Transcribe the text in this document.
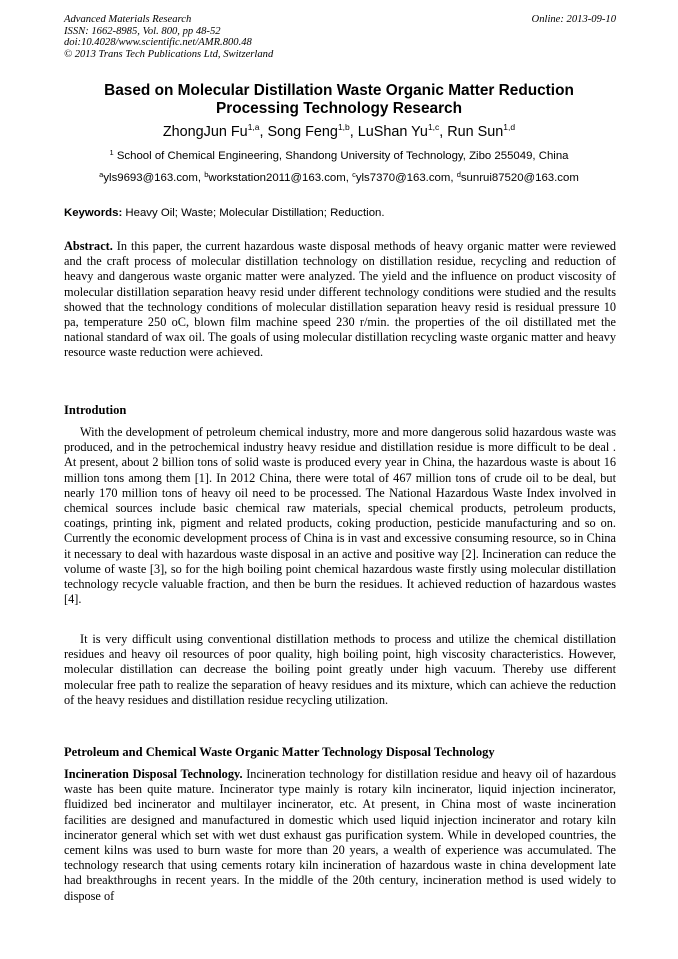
Advanced Materials Research
ISSN: 1662-8985, Vol. 800, pp 48-52
doi:10.4028/www.scientific.net/AMR.800.48
© 2013 Trans Tech Publications Ltd, Switzerland
Online: 2013-09-10
Based on Molecular Distillation Waste Organic Matter Reduction
Processing Technology Research
ZhongJun Fu$^{1,a}$, Song Feng$^{1,b}$, LuShan Yu$^{1,c}$, Run Sun$^{1,d}$
$^1$ School of Chemical Engineering, Shandong University of Technology, Zibo 255049, China
$^a$yls9693@163.com, $^b$workstation2011@163.com, $^c$yls7370@163.com, $^d$sunrui87520@163.com
Keywords: Heavy Oil; Waste; Molecular Distillation; Reduction.
Abstract. In this paper, the current hazardous waste disposal methods of heavy organic matter were reviewed and the craft process of molecular distillation technology on distillation residue, recycling and reduction of heavy and dangerous waste organic matter were analyzed. The yield and the influence on product viscosity of molecular distillation separation heavy resid under different technology conditions were studied and the results showed that the technology conditions of molecular distillation separation heavy resid is residual pressure 10 pa, temperature 250 oC, blown film machine speed 230 r/min. the properties of the oil distillated met the national standard of wax oil. The goals of using molecular distillation recycling waste organic matter and heavy resource waste reduction were achieved.
Introdution
With the development of petroleum chemical industry, more and more dangerous solid hazardous waste was produced, and in the petrochemical industry heavy residue and distillation residue is more difficult to be deal . At present, about 2 billion tons of solid waste is produced every year in China, the hazardous waste is about 16 million tons among them [1]. In 2012 China, there were total of 467 million tons of crude oil to be deal, but nearly 170 million tons of heavy oil need to be processed. The National Hazardous Waste Index involved in chemical sources include basic chemical raw materials, special chemical products, petroleum products, coatings, printing ink, pigment and related products, coking production, pesticide manufacturing and so on. Currently the economic development process of China is in vast and excessive consuming resource, so in China it necessary to deal with hazardous waste disposal in an active and positive way [2]. Incineration can reduce the volume of waste [3], so for the high boiling point chemical hazardous waste firstly using molecular distillation technology recycle valuable fraction, and then be burn the residues. It achieved reduction of hazardous wastes [4].
It is very difficult using conventional distillation methods to process and utilize the chemical distillation residues and heavy oil resources of poor quality, high boiling point, high viscosity characteristics. However, molecular distillation can decrease the boiling point greatly under high vacuum. Thereby use different molecular free path to realize the separation of heavy residues and its mixture, which can achieve the reduction of the heavy residues and distillation residue recycling utilization.
Petroleum and Chemical Waste Organic Matter Technology Disposal Technology
Incineration Disposal Technology. Incineration technology for distillation residue and heavy oil of hazardous waste has been quite mature. Incinerator type mainly is rotary kiln incinerator, liquid injection incinerator, fluidized bed incinerator and multilayer incinerator, etc. At present, in China most of waste incineration facilities are designed and manufactured in domestic which used liquid injection incinerator and rotary kiln incinerator general which set with wet dust exhaust gas purification system. While in developed countries, the cement kilns was used to burn waste for more than 20 years, a wealth of experience was accumulated. The technology research that using cements rotary kiln incineration of hazardous waste in china development late had breakthroughs in recent years. In the middle of the 20th century, incineration method is used widely to dispose of
